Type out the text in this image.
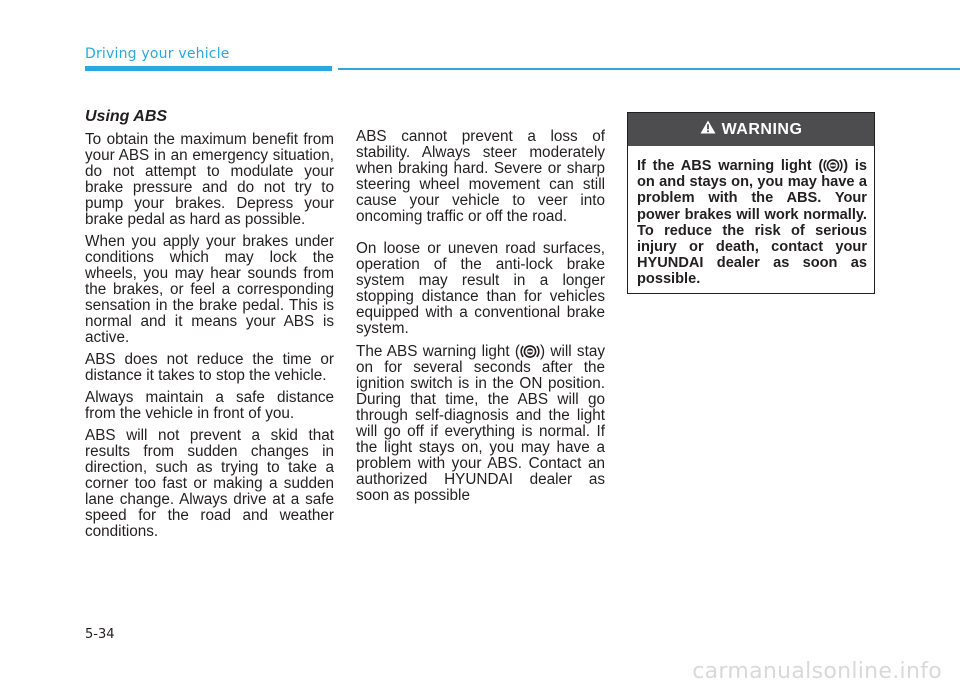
Driving your vehicle
Using ABS

To obtain the maximum benefit from your ABS in an emergency situation, do not attempt to modulate your brake pressure and do not try to pump your brakes. Depress your brake pedal as hard as possible.

When you apply your brakes under conditions which may lock the wheels, you may hear sounds from the brakes, or feel a corresponding sensation in the brake pedal. This is normal and it means your ABS is active.

ABS does not reduce the time or distance it takes to stop the vehicle.

Always maintain a safe distance from the vehicle in front of you.

ABS will not prevent a skid that results from sudden changes in direction, such as trying to take a corner too fast or making a sudden lane change. Always drive at a safe speed for the road and weather conditions.

ABS cannot prevent a loss of stability. Always steer moderately when braking hard. Severe or sharp steering wheel movement can still cause your vehicle to veer into oncoming traffic or off the road.

On loose or uneven road surfaces, operation of the anti-lock brake system may result in a longer stopping distance than for vehicles equipped with a conventional brake system.

The ABS warning light ( ) will stay on for several seconds after the ignition switch is in the ON position. During that time, the ABS will go through self-diagnosis and the light will go off if everything is normal. If the light stays on, you may have a problem with your ABS. Contact an authorized HYUNDAI dealer as soon as possible

WARNING
If the ABS warning light ( ) is on and stays on, you may have a problem with the ABS. Your power brakes will work normally. To reduce the risk of serious injury or death, contact your HYUNDAI dealer as soon as possible.
5-34
carmanualsonline.info
